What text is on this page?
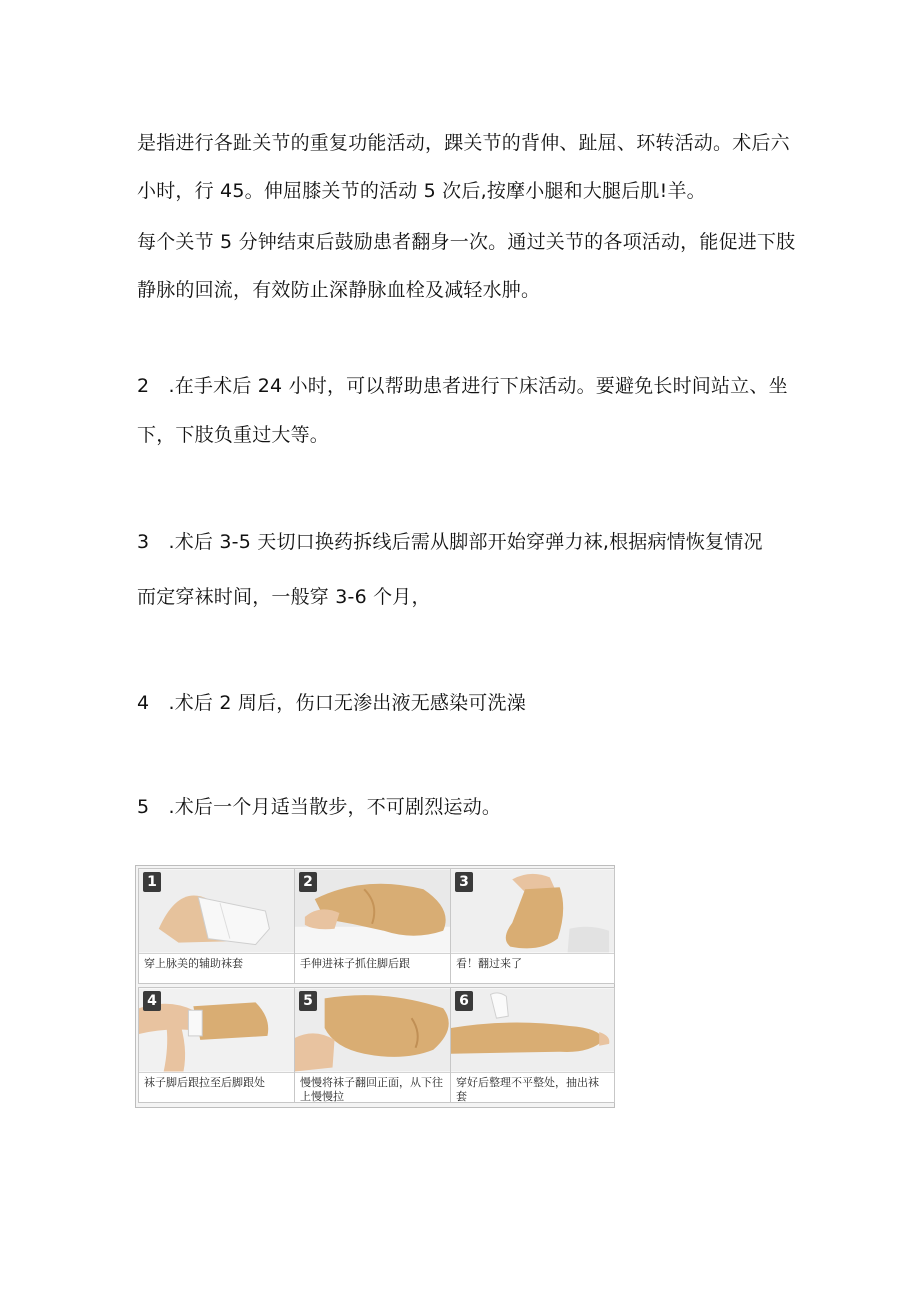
是指进行各趾关节的重复功能活动，踝关节的背伸、趾屈、环转活动。术后六

小时，行 45。伸屈膝关节的活动 5 次后,按摩小腿和大腿后肌!羊。

每个关节 5 分钟结束后鼓励患者翻身一次。通过关节的各项活动，能促进下肢

静脉的回流，有效防止深静脉血栓及减轻水肿。

2　.在手术后 24 小时，可以帮助患者进行下床活动。要避免长时间站立、坐

下，下肢负重过大等。

3　.术后 3-5 天切口换药拆线后需从脚部开始穿弹力袜,根据病情恢复情况

而定穿袜时间，一般穿 3-6 个月，

4　.术后 2 周后，伤口无渗出液无感染可洗澡

5　.术后一个月适当散步，不可剧烈运动。

1
穿上脉美的辅助袜套
2
手伸进袜子抓住脚后跟
3
看！翻过来了
4
袜子脚后跟拉至后脚跟处
5
慢慢将袜子翻回正面，从下往上慢慢拉
6
穿好后整理不平整处，抽出袜套
